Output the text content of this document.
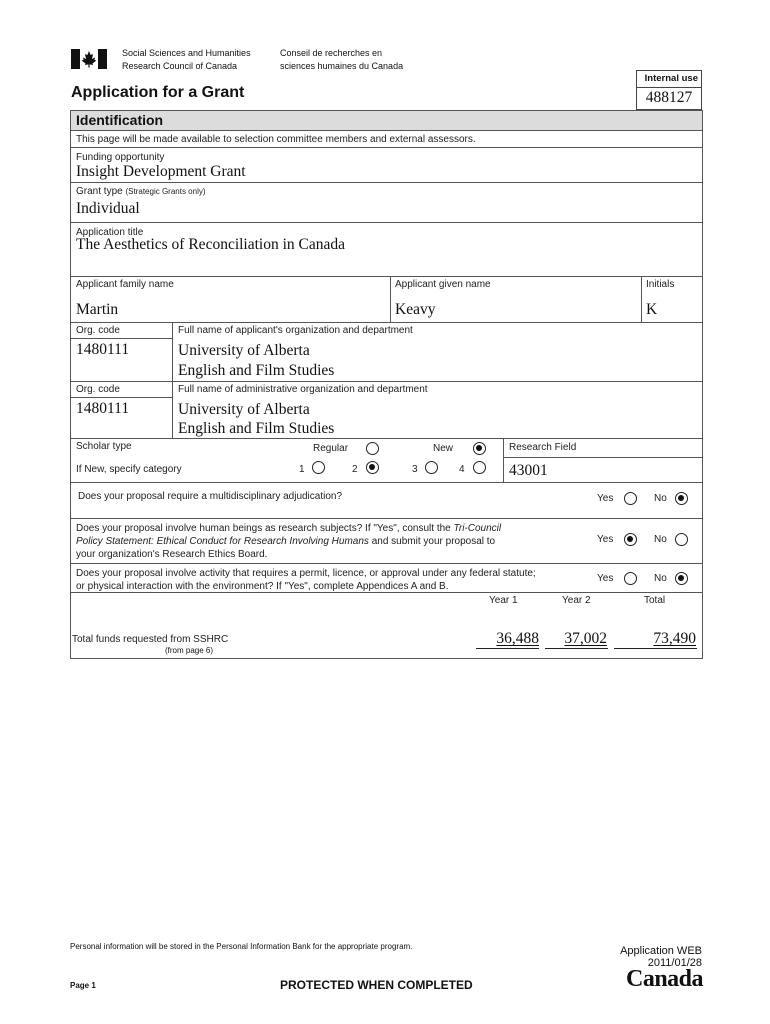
Social Sciences and Humanities
Research Council of Canada
Conseil de recherches en
sciences humaines du Canada
Application for a Grant
Internal use
488127
Identification
This page will be made available to selection committee members and external assessors.
Funding opportunity
Insight Development Grant
Grant type (Strategic Grants only)
Individual
Application title
The Aesthetics of Reconciliation in Canada
Applicant family name
Martin
Applicant given name
Keavy
Initials
K
Org. code
1480111
Full name of applicant's organization and department
University of Alberta
English and Film Studies
Org. code
1480111
Full name of administrative organization and department
University of Alberta
English and Film Studies
Scholar type	Regular	New
If New, specify category	1	2	3	4
Research Field
43001
Does your proposal require a multidisciplinary adjudication?	Yes	No
Does your proposal involve human beings as research subjects? If "Yes", consult the Tri-Council
Policy Statement: Ethical Conduct for Research Involving Humans and submit your proposal to
your organization's Research Ethics Board.
Yes	No
Does your proposal involve activity that requires a permit, licence, or approval under any federal statute;
or physical interaction with the environment? If "Yes", complete Appendices A and B.
Yes	No
Year 1	Year 2	Total
Total funds requested from SSHRC
(from page 6)
36,488	37,002	73,490
Personal information will be stored in the Personal Information Bank for the appropriate program.
Page 1	PROTECTED WHEN COMPLETED
Application WEB
2011/01/28
Canada
